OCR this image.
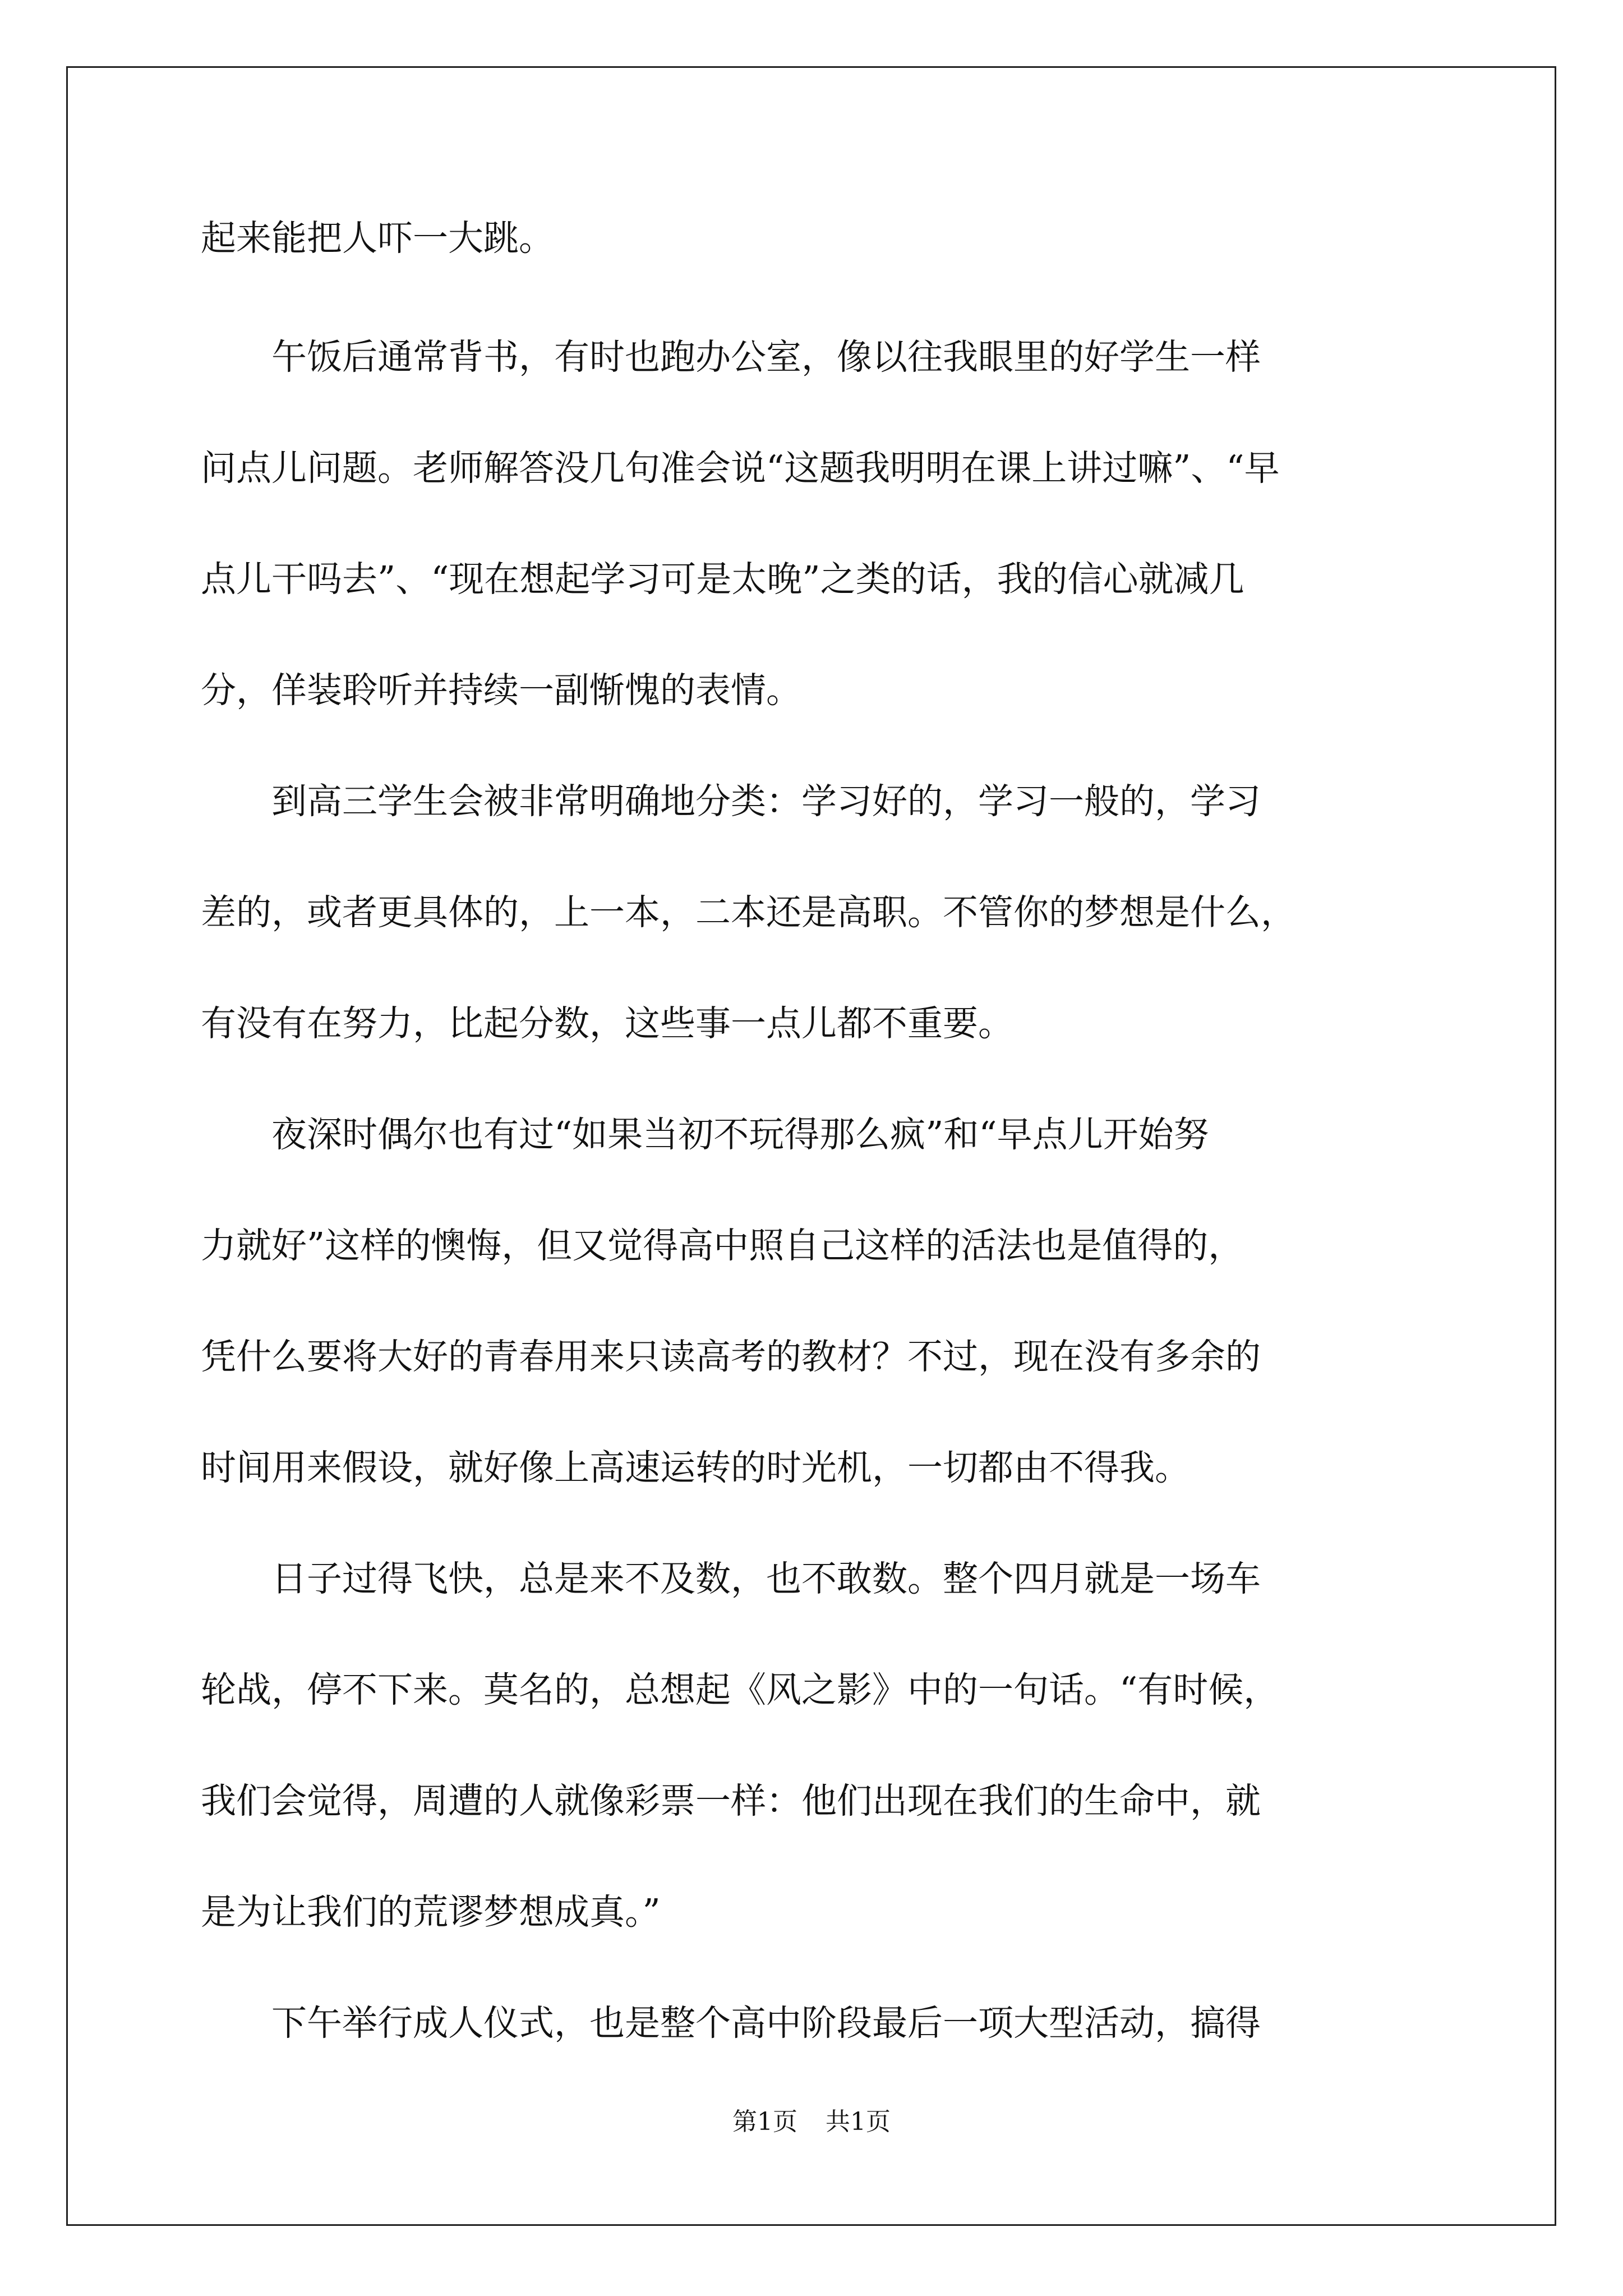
起来能把人吓一大跳。
　　午饭后通常背书，有时也跑办公室，像以往我眼里的好学生一样
问点儿问题。老师解答没几句准会说“这题我明明在课上讲过嘛”、“早
点儿干吗去”、“现在想起学习可是太晚”之类的话，我的信心就减几
分，佯装聆听并持续一副惭愧的表情。
　　到高三学生会被非常明确地分类：学习好的，学习一般的，学习
差的，或者更具体的，上一本，二本还是高职。不管你的梦想是什么，
有没有在努力，比起分数，这些事一点儿都不重要。
　　夜深时偶尔也有过“如果当初不玩得那么疯”和“早点儿开始努
力就好”这样的懊悔，但又觉得高中照自己这样的活法也是值得的，
凭什么要将大好的青春用来只读高考的教材？不过，现在没有多余的
时间用来假设，就好像上高速运转的时光机，一切都由不得我。
　　日子过得飞快，总是来不及数，也不敢数。整个四月就是一场车
轮战，停不下来。莫名的，总想起《风之影》中的一句话。“有时候，
我们会觉得，周遭的人就像彩票一样：他们出现在我们的生命中，就
是为让我们的荒谬梦想成真。”
　　下午举行成人仪式，也是整个高中阶段最后一项大型活动，搞得
第1页 共1页
